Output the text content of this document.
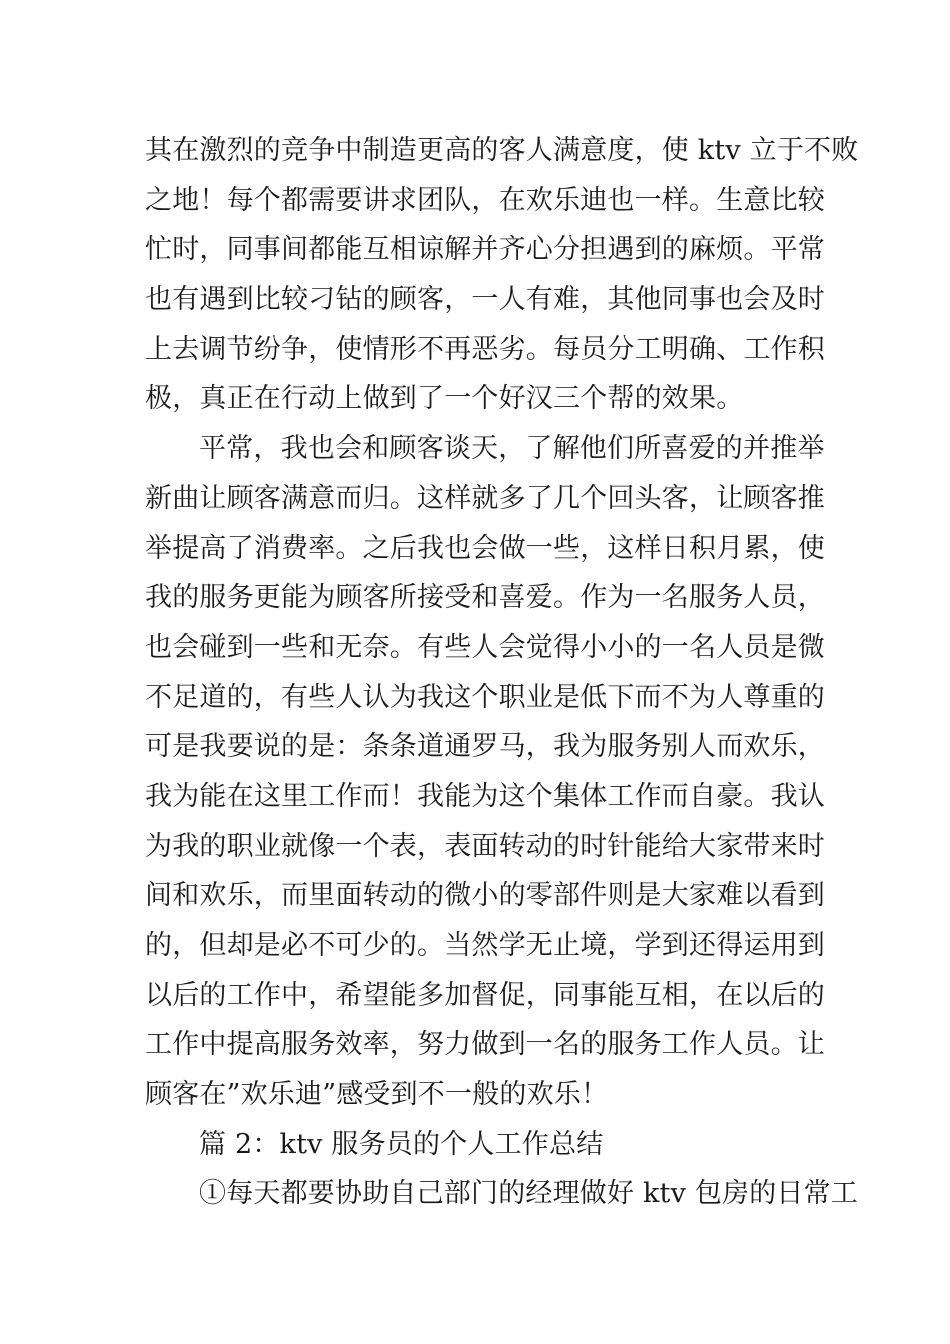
其在激烈的竞争中制造更高的客人满意度，使 ktv 立于不败
之地！每个都需要讲求团队，在欢乐迪也一样。生意比较
忙时，同事间都能互相谅解并齐心分担遇到的麻烦。平常
也有遇到比较刁钻的顾客，一人有难，其他同事也会及时
上去调节纷争，使情形不再恶劣。每员分工明确、工作积
极，真正在行动上做到了一个好汉三个帮的效果。
平常，我也会和顾客谈天，了解他们所喜爱的并推举
新曲让顾客满意而归。这样就多了几个回头客，让顾客推
举提高了消费率。之后我也会做一些，这样日积月累，使
我的服务更能为顾客所接受和喜爱。作为一名服务人员，
也会碰到一些和无奈。有些人会觉得小小的一名人员是微
不足道的，有些人认为我这个职业是低下而不为人尊重的
可是我要说的是：条条道通罗马，我为服务别人而欢乐，
我为能在这里工作而！我能为这个集体工作而自豪。我认
为我的职业就像一个表，表面转动的时针能给大家带来时
间和欢乐，而里面转动的微小的零部件则是大家难以看到
的，但却是必不可少的。当然学无止境，学到还得运用到
以后的工作中，希望能多加督促，同事能互相，在以后的
工作中提高服务效率，努力做到一名的服务工作人员。让
顾客在”欢乐迪”感受到不一般的欢乐！
篇 2：ktv 服务员的个人工作总结
①每天都要协助自己部门的经理做好 ktv 包房的日常工
